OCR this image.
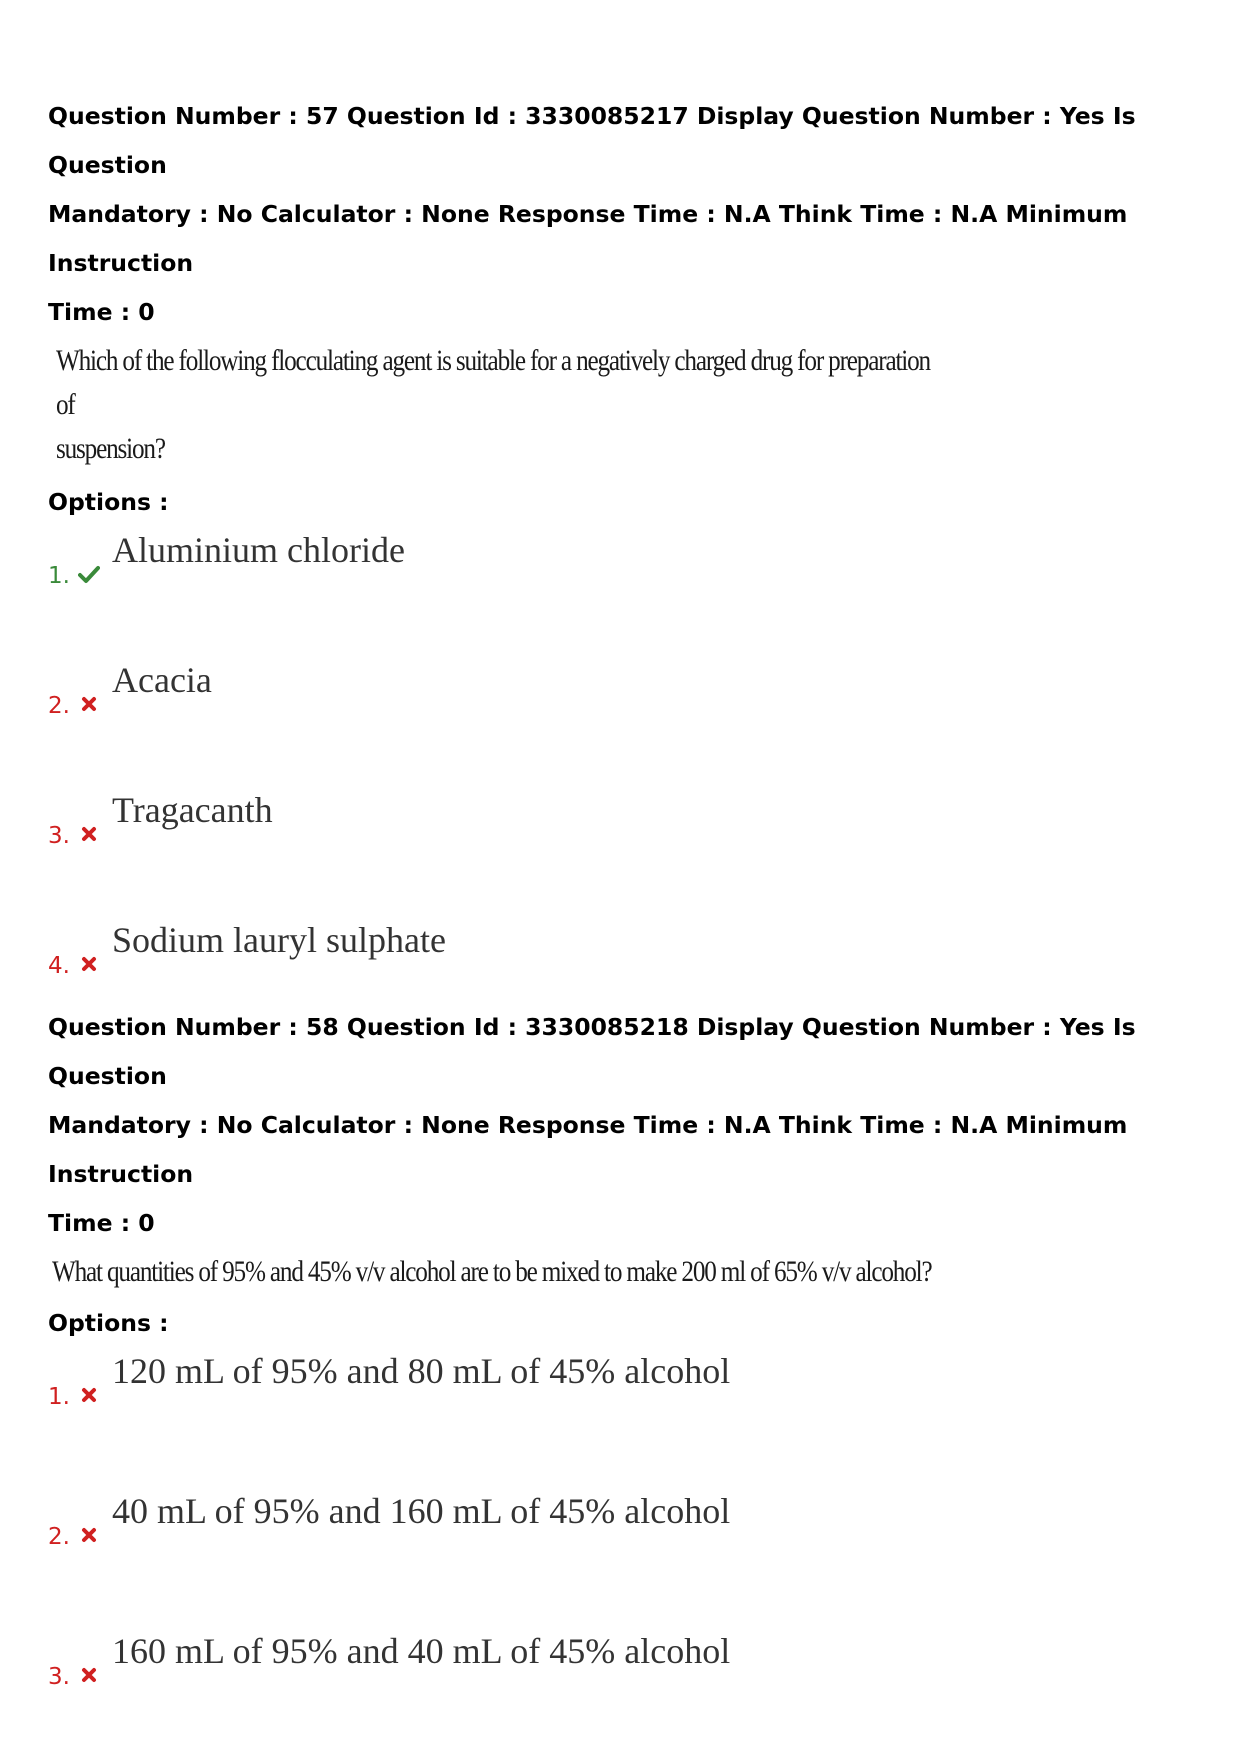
Question Number : 57 Question Id : 3330085217 Display Question Number : Yes Is Question

Mandatory : No Calculator : None Response Time : N.A Think Time : N.A Minimum Instruction

Time : 0

Which of the following flocculating agent is suitable for a negatively charged drug for preparation of
suspension?
Options :
1.
Aluminium chloride
2.
Acacia
3.
Tragacanth
4.
Sodium lauryl sulphate

Question Number : 58 Question Id : 3330085218 Display Question Number : Yes Is Question

Mandatory : No Calculator : None Response Time : N.A Think Time : N.A Minimum Instruction

Time : 0

What quantities of 95% and 45% v/v alcohol are to be mixed to make 200 ml of 65% v/v alcohol?
Options :
1.
120 mL of 95% and 80 mL of 45% alcohol
2.
40 mL of 95% and 160 mL of 45% alcohol
3.
160 mL of 95% and 40 mL of 45% alcohol
